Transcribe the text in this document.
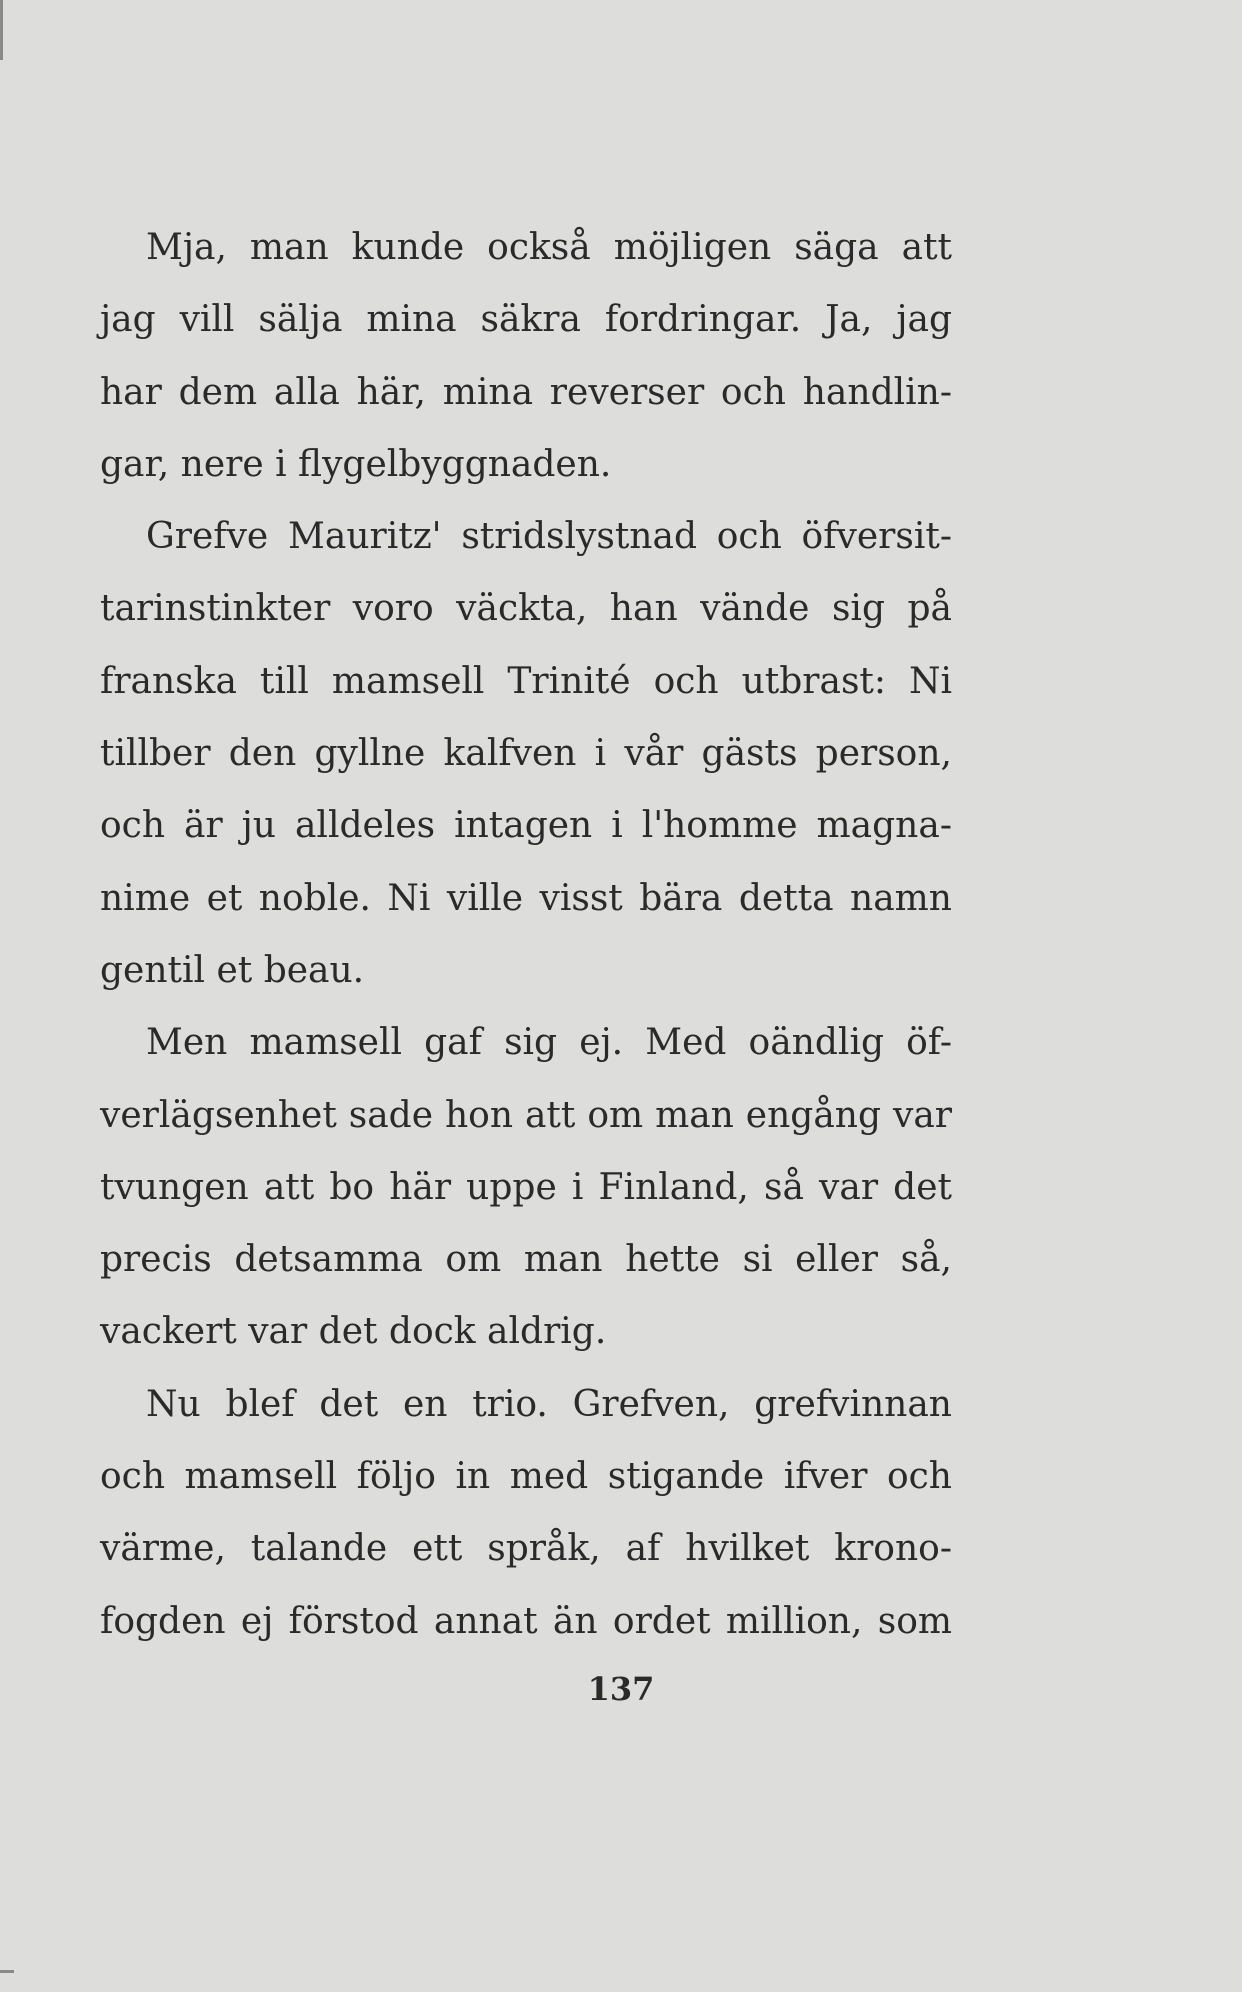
Mja, man kunde också möjligen säga att
jag vill sälja mina säkra fordringar. Ja, jag
har dem alla här, mina reverser och handlin-
gar, nere i flygelbyggnaden.
Grefve Mauritz' stridslystnad och öfversit-
tarinstinkter voro väckta, han vände sig på
franska till mamsell Trinité och utbrast: Ni
tillber den gyllne kalfven i vår gästs person,
och är ju alldeles intagen i l'homme magna-
nime et noble. Ni ville visst bära detta namn
gentil et beau.
Men mamsell gaf sig ej. Med oändlig öf-
verlägsenhet sade hon att om man engång var
tvungen att bo här uppe i Finland, så var det
precis detsamma om man hette si eller så,
vackert var det dock aldrig.
Nu blef det en trio. Grefven, grefvinnan
och mamsell följo in med stigande ifver och
värme, talande ett språk, af hvilket krono-
fogden ej förstod annat än ordet million, som
137
